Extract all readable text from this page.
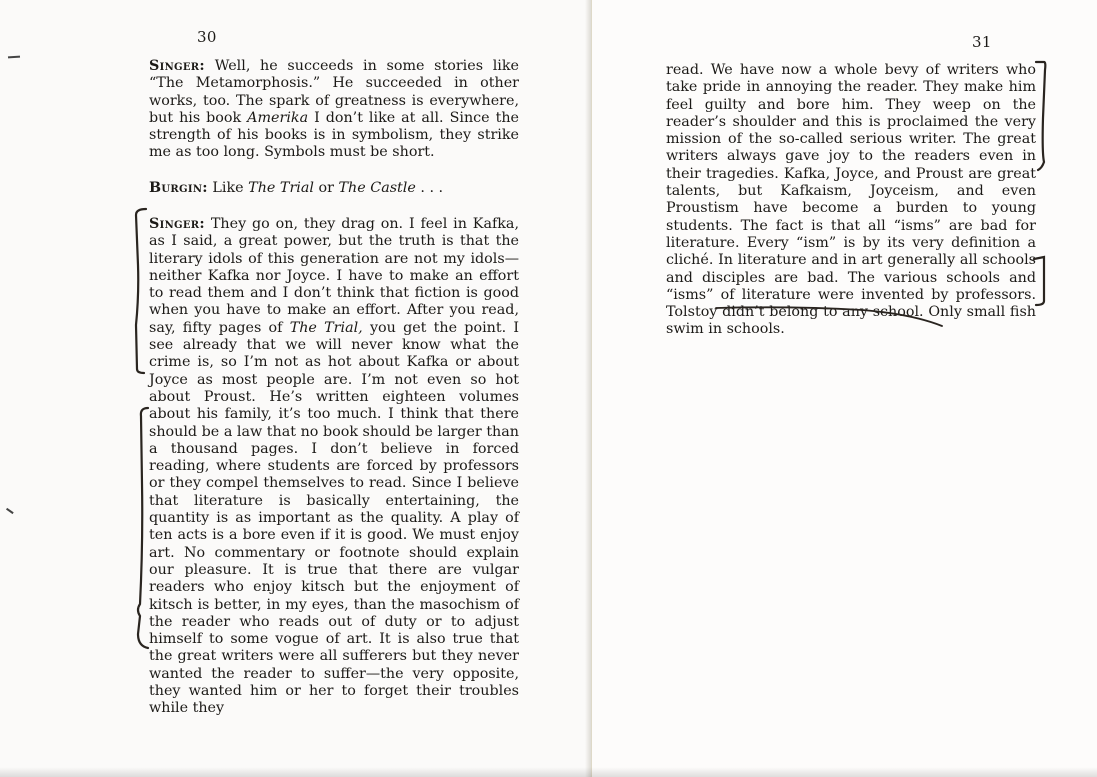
30

Singer: Well, he succeeds in some stories like “The Metamorphosis.” He succeeded in other works, too. The spark of greatness is everywhere, but his book Amerika I don’t like at all. Since the strength of his books is in symbolism, they strike me as too long. Symbols must be short.

Burgin: Like The Trial or The Castle . . .

Singer: They go on, they drag on. I feel in Kafka, as I said, a great power, but the truth is that the literary idols of this generation are not my idols—neither Kafka nor Joyce. I have to make an effort to read them and I don’t think that fiction is good when you have to make an effort. After you read, say, fifty pages of The Trial, you get the point. I see already that we will never know what the crime is, so I’m not as hot about Kafka or about Joyce as most people are. I’m not even so hot about Proust. He’s written eighteen volumes about his family, it’s too much. I think that there should be a law that no book should be larger than a thousand pages. I don’t believe in forced reading, where students are forced by professors or they compel themselves to read. Since I believe that literature is basically entertaining, the quantity is as important as the quality. A play of ten acts is a bore even if it is good. We must enjoy art. No commentary or footnote should explain our pleasure. It is true that there are vulgar readers who enjoy kitsch but the enjoyment of kitsch is better, in my eyes, than the masochism of the reader who reads out of duty or to adjust himself to some vogue of art. It is also true that the great writers were all sufferers but they never wanted the reader to suffer—the very opposite, they wanted him or her to forget their troubles while they

31

read. We have now a whole bevy of writers who take pride in annoying the reader. They make him feel guilty and bore him. They weep on the reader’s shoulder and this is proclaimed the very mission of the so-called serious writer. The great writers always gave joy to the readers even in their tragedies. Kafka, Joyce, and Proust are great talents, but Kafkaism, Joyceism, and even Proustism have become a burden to young students. The fact is that all “isms” are bad for literature. Every “ism” is by its very definition a cliché. In literature and in art generally all schools and disciples are bad. The various schools and “isms” of literature were invented by professors. Tolstoy didn’t belong to any school. Only small fish swim in schools.
